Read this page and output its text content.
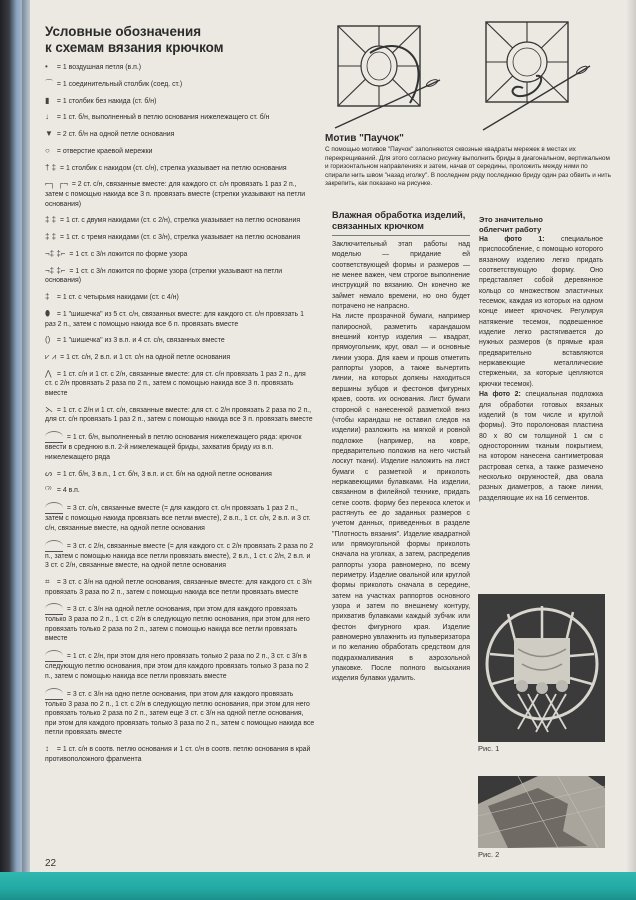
Условные обозначения
к схемам вязания крючком
• = 1 воздушная петля (в.п.)
⌒ = 1 соединительный столбик (соед. ст.)
▮ = 1 столбик без накида (ст. б/н)
↓ = 1 ст. б/н, выполненный в петлю основания нижележащего ст. б/н
▼ = 2 ст. б/н на одной петле основания
○ = отверстие краевой мережки
† ‡ = 1 столбик с накидом (ст. с/н), стрелка указывает на петлю основания
⌐┐ ┌¬ = 2 ст. с/н, связанные вместе: для каждого ст. с/н провязать 1 раз 2 п., затем с помощью накида все 3 п. провязать вместе (стрелки указывают на петли основания)
‡ ‡ = 1 ст. с двумя накидами (ст. с 2/н), стрелка указывает на петлю основания
‡ ‡ = 1 ст. с тремя накидами (ст. с 3/н), стрелка указывает на петлю основания
¬‡ ‡⌐ = 1 ст. с 3/н ложится по форме узора
¬‡ ‡⌐ = 1 ст. с 3/н ложится по форме узора (стрелки указывают на петли основания)
‡ = 1 ст. с четырьмя накидами (ст. с 4/н)
⬮ = 1 "шишечка" из 5 ст. с/н, связанных вместе: для каждого ст. с/н провязать 1 раз 2 п., затем с помощью накида все 6 п. провязать вместе
() = 1 "шишечка" из 3 в.п. и 4 ст. с/н, связанных вместе
⩗ ⩘ = 1 ст. с/н, 2 в.п. и 1 ст. с/н на одной петле основания
⋀ = 1 ст. с/н и 1 ст. с 2/н, связанные вместе: для ст. с/н провязать 1 раз 2 п., для ст. с 2/н провязать 2 раза по 2 п., затем с помощью накида все 3 п. провязать вместе
⋋ = 1 ст. с 2/н и 1 ст. с/н, связанные вместе: для ст. с 2/н провязать 2 раза по 2 п., для ст. с/н провязать 1 раз 2 п., затем с помощью накида все 3 п. провязать вместе
= 1 ст. б/н, выполненный в петлю основания нижележащего ряда: крючок ввести в среднюю в.п. 2-й нижележащей бриды, захватив бриду из в.п. нижележащего ряда
ᔕ = 1 ст. б/н, 3 в.п., 1 ст. б/н, 3 в.п. и ст. б/н на одной петле основания
⁽ˀ⁾ = 4 в.п.
= 3 ст. с/н, связанные вместе (= для каждого ст. с/н провязать 1 раз 2 п., затем с помощью накида провязать все петли вместе), 2 в.п., 1 ст. с/н, 2 в.п. и 3 ст. с/н, связанные вместе, на одной петле основания
= 3 ст. с 2/н, связанные вместе (= для каждого ст. с 2/н провязать 2 раза по 2 п., затем с помощью накида все петли провязать вместе), 2 в.п., 1 ст. с 2/н, 2 в.п. и 3 ст. с 2/н, связанные вместе, на одной петле основания
⌗ = 3 ст. с 3/н на одной петле основания, связанные вместе: для каждого ст. с 3/н провязать 3 раза по 2 п., затем с помощью накида все петли провязать вместе
= 3 ст. с 3/н на одной петле основания, при этом для каждого провязать только 3 раза по 2 п., 1 ст. с 2/н в следующую петлю основания, при этом для него провязать только 2 раза по 2 п., затем с помощью накида все петли провязать вместе
= 1 ст. с 2/н, при этом для него провязать только 2 раза по 2 п., 3 ст. с 3/н в следующую петлю основания, при этом для каждого провязать только 3 раза по 2 п., затем с помощью накида все петли провязать вместе
= 3 ст. с 3/н на одно петле основания, при этом для каждого провязать только 3 раза по 2 п., 1 ст. с 2/н в следующую петлю основания, при этом для него провязать только 2 раза по 2 п., затем еще 3 ст. с 3/н на одной петле основания, при этом для каждого провязать только 3 раза по 2 п., затем с помощью накида все петли провязать вместе
↕ = 1 ст. с/н в соотв. петлю основания и 1 ст. с/н в соотв. петлю основания в край противоположного фрагмента
22
Мотив "Паучок"

С помощью мотивов "Паучок" заполняются сквозные квадраты мережек в местах их перекрещиваний. Для этого согласно рисунку выполнить бриды в диагональном, вертикальном и горизонтальном направлениях и затем, начав от середины, проложить между ними по спирали нить швом "назад иголку". В последнем ряду последнюю бриду один раз обвить и нить закрепить, как показано на рисунке.

Влажная обработка изделий, связанных крючком

Заключительный этап работы над моделью — придание ей соответствующей формы и размеров — не менее важен, чем строгое выполнение инструкций по вязанию. Он конечно же займет немало времени, но оно будет потрачено не напрасно.

На листе прозрачной бумаги, например папиросной, разметить карандашом внешний контур изделия — квадрат, прямоугольник, круг, овал — и основные линии узора. Для каем и прошв отметить раппорты узоров, а также вычертить линии, на которых должны находиться вершины зубцов и фестонов фигурных краев, соотв. их основания. Лист бумаги стороной с нанесенной разметкой вниз (чтобы карандаш не оставил следов на изделии) разложить на мягкой и ровной подложке (например, на ковре, предварительно положив на него чистый лоскут ткани). Изделие наложить на лист бумаги с разметкой и приколоть нержавеющими булавками. На изделии, связанном в филейной технике, придать сетке соотв. форму без перекоса клеток и растянуть ее до заданных размеров с учетом данных, приведенных в разделе "Плотность вязания". Изделие квадратной или прямоугольной формы приколоть сначала на уголках, а затем, распределив раппорты узора равномерно, по всему периметру. Изделие овальной или круглой формы приколоть сначала в середине, затем на участках раппортов основного узора и затем по внешнему контуру, прихватив булавками каждый зубчик или фестон фигурного края. Изделие равномерно увлажнить из пульверизатора и по желанию обработать средством для подкрахмаливания в аэрозольной упаковке. После полного высыхания изделия булавки удалить.

Это значительно
облегчит работу

На фото 1: специальное приспособление, с помощью которого вязаному изделию легко придать соответствующую форму. Оно представляет собой деревянное кольцо со множеством эластичных тесемок, каждая из которых на одном конце имеет крючочек. Регулируя натяжение тесемок, подвешенное изделие легко растягивается до нужных размеров (в прямые края предварительно вставляются нержавеющие металлические стерженьки, за которые цепляются крючки тесемок).

На фото 2: специальная подложка для обработки готовых вязаных изделий (в том числе и круглой формы). Это поролоновая пластина 80 x 80 см толщиной 1 см с односторонним тканым покрытием, на котором нанесена сантиметровая растровая сетка, а также размечено несколько окружностей, два овала разных диаметров, а также линии, разделяющие их на 16 сегментов.

Рис. 1
Рис. 2
